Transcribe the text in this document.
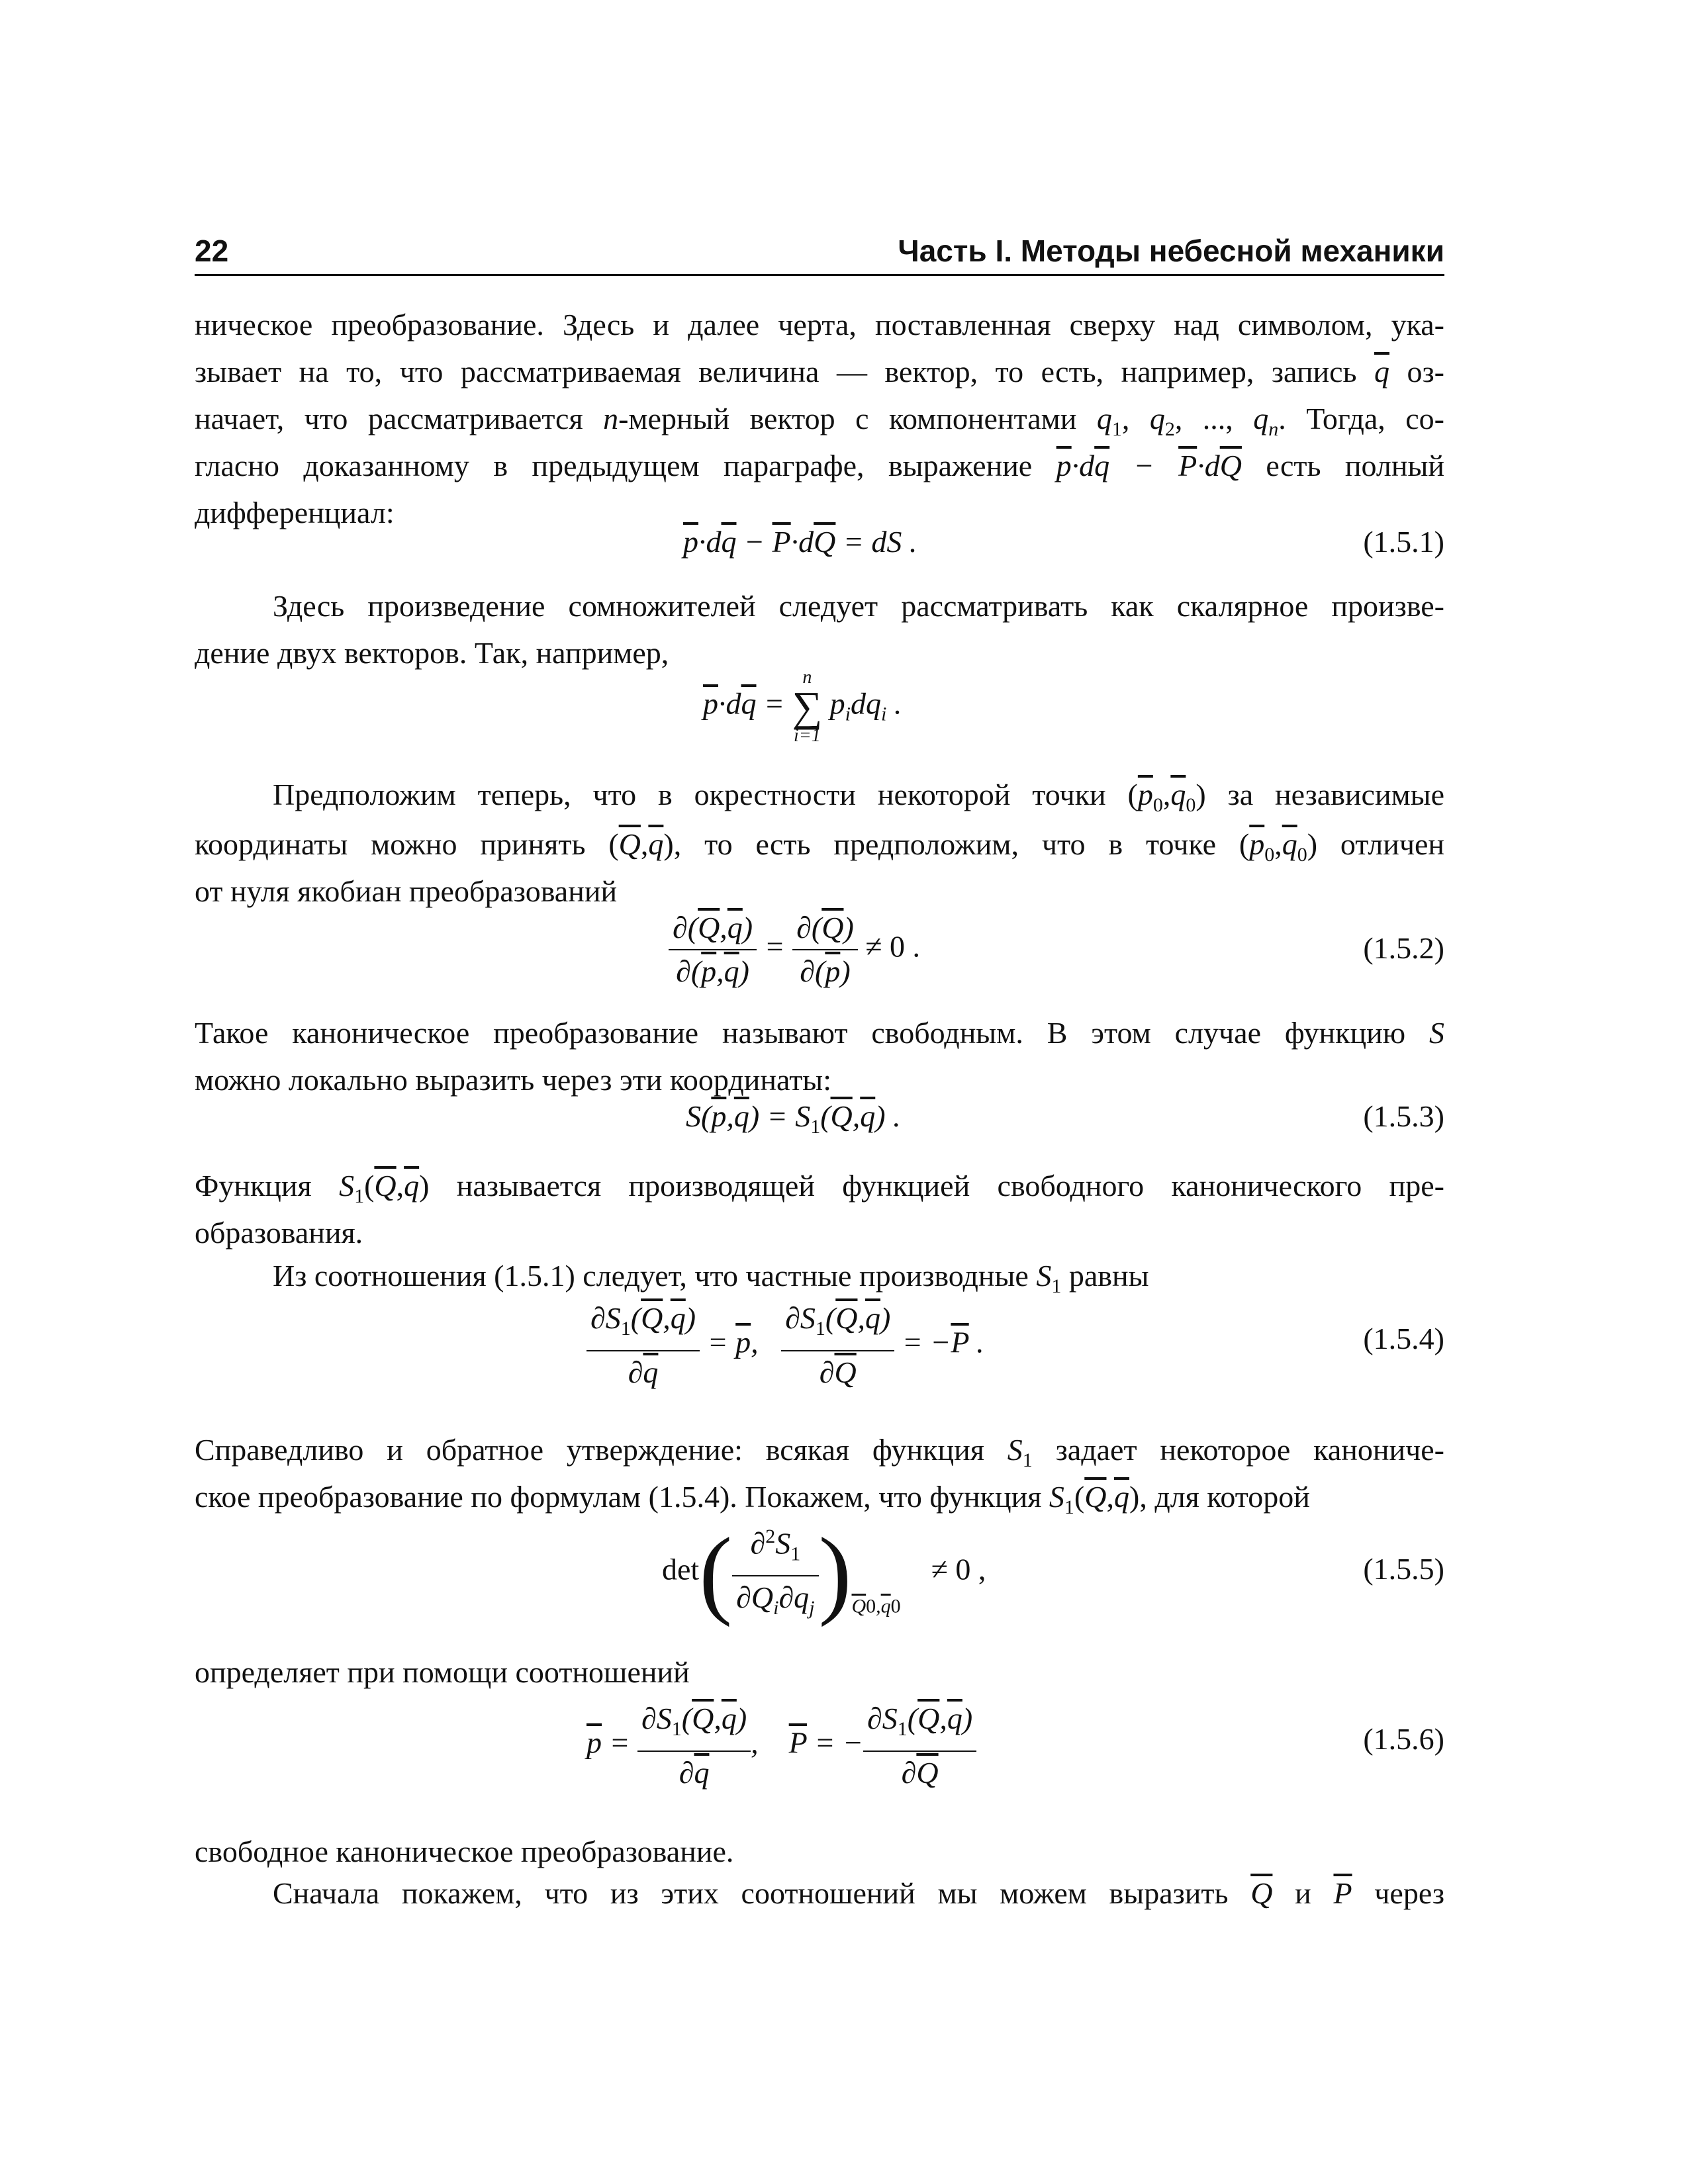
22	Часть I. Методы небесной механики
ническое преобразование. Здесь и далее черта, поставленная сверху над символом, ука-
зывает на то, что рассматриваемая величина — вектор, то есть, например, запись $\overline{q}$ оз-
начает, что рассматривается n-мерный вектор с компонентами $q_1$, $q_2$, ..., $q_n$. Тогда, со-
гласно доказанному в предыдущем параграфе, выражение $\overline{p}\cdot d\overline{q} - \overline{P}\cdot d\overline{Q}$ есть полный
дифференциал:
$\overline{p}\cdot d\overline{q} - \overline{P}\cdot d\overline{Q}$ = dS .	(1.5.1)
Здесь произведение сомножителей следует рассматривать как скалярное произве-
дение двух векторов. Так, например,
$\overline{p}\cdot d\overline{q}$ =
n
∑
i=1
$p_idq_i$ .
Предположим теперь, что в окрестности некоторой точки $(\overline{p}_0,\overline{q}_0)$ за независимые
координаты можно принять $(\overline{Q},\overline{q})$, то есть предположим, что в точке $(\overline{p}_0,\overline{q}_0)$ отличен
от нуля якобиан преобразований
$\frac{\partial(\overline{Q},\overline{q})}{\partial(\overline{p},\overline{q})} = \frac{\partial(\overline{Q})}{\partial(\overline{p})} \ne 0$ .	(1.5.2)
Такое каноническое преобразование называют свободным. В этом случае функцию S
можно локально выразить через эти координаты:
$S(\overline{p},\overline{q}) = S_1(\overline{Q},\overline{q})$ .	(1.5.3)
Функция $S_1(\overline{Q},\overline{q})$ называется производящей функцией свободного канонического пре-
образования.
Из соотношения (1.5.1) следует, что частные производные $S_1$ равны
$\frac{\partial S_1(\overline{Q},\overline{q})}{\partial\overline{q}} = \overline{p}$, $\frac{\partial S_1(\overline{Q},\overline{q})}{\partial\overline{Q}} = -\overline{P}$ .	(1.5.4)
Справедливо и обратное утверждение: всякая функция $S_1$ задает некоторое канониче-
ское преобразование по формулам (1.5.4). Покажем, что функция $S_1(\overline{Q},\overline{q})$, для которой
$\det( \frac{\partial^2S_1}{\partial Q_i\partial q_j} )_{\overline{Q}0,\overline{q}0}$    ≠ 0 ,	(1.5.5)
определяет при помощи соотношений
$\overline{p} = \frac{\partial S_1(\overline{Q},\overline{q})}{\partial\overline{q}}$ ,    $\overline{P}$ = − $\frac{\partial S_1(\overline{Q},\overline{q})}{\partial\overline{Q}}$	(1.5.6)
свободное каноническое преобразование.
Сначала покажем, что из этих соотношений мы можем выразить $\overline{Q}$ и $\overline{P}$ через
